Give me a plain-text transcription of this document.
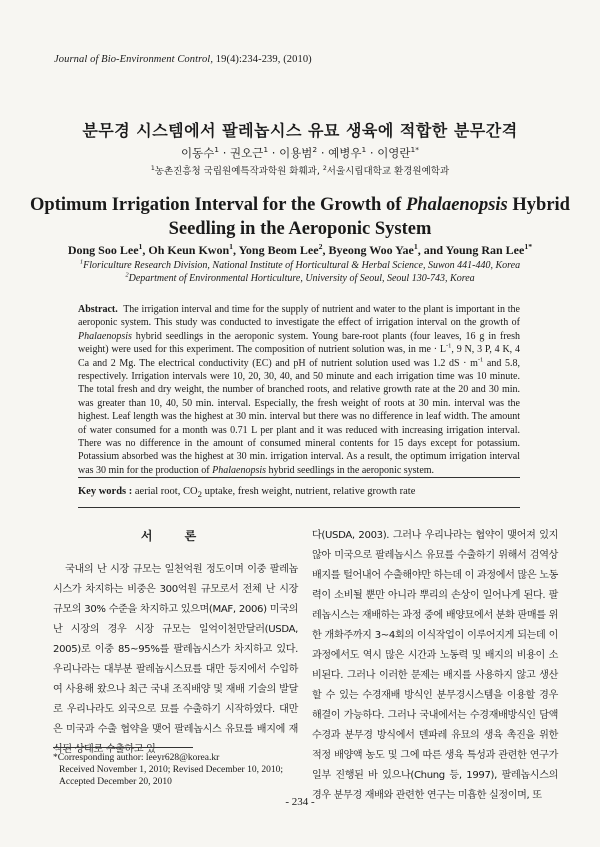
Journal of Bio-Environment Control, 19(4):234-239, (2010)
분무경 시스템에서 팔레놉시스 유묘 생육에 적합한 분무간격
이동수$^1$ · 권오근$^1$ · 이용범$^2$ · 예병우$^1$ · 이영란$^{1*}$
$^1$농촌진흥청 국립원예특작과학원 화훼과, $^2$서울시립대학교 환경원예학과
Optimum Irrigation Interval for the Growth of Phalaenopsis Hybrid Seedling in the Aeroponic System
Dong Soo Lee$^1$, Oh Keun Kwon$^1$, Yong Beom Lee$^2$, Byeong Woo Yae$^1$, and Young Ran Lee$^{1*}$
$^1$Floriculture Research Division, National Institute of Horticultural & Herbal Science, Suwon 441-440, Korea
$^2$Department of Environmental Horticulture, University of Seoul, Seoul 130-743, Korea
Abstract. The irrigation interval and time for the supply of nutrient and water to the plant is important in the aeroponic system. This study was conducted to investigate the effect of irrigation interval on the growth of Phalaenopsis hybrid seedlings in the aeroponic system. Young bare-root plants (four leaves, 16 g in fresh weight) were used for this experiment. The composition of nutrient solution was, in me · $L^{-1}$, 9 N, 3 P, 4 K, 4 Ca and 2 Mg. The electrical conductivity (EC) and pH of nutrient solution used was 1.2 dS · $m^{-1}$ and 5.8, respectively. Irrigation intervals were 10, 20, 30, 40, and 50 minute and each irrigation time was 10 minute. The total fresh and dry weight, the number of branched roots, and relative growth rate at the 20 and 30 min. was greater than 10, 40, 50 min. interval. Especially, the fresh weight of roots at 30 min. interval was the highest. Leaf length was the highest at 30 min. interval but there was no difference in leaf width. The amount of water consumed for a month was 0.71 L per plant and it was reduced with increasing irrigation interval. There was no difference in the amount of consumed mineral contents for 15 days except for potassium. Potassium absorbed was the highest at 30 min. irrigation interval. As a result, the optimum irrigation interval was 30 min for the production of Phalaenopsis hybrid seedlings in the aeroponic system.
Key words : aerial root, $CO_2$ uptake, fresh weight, nutrient, relative growth rate
서 론

국내의 난 시장 규모는 일천억원 정도이며 이중 팔레놉시스가 차지하는 비중은 300억원 규모로서 전체 난 시장규모의 30% 수준을 차지하고 있으며(MAF, 2006) 미국의 난 시장의 경우 시장 규모는 일억이천만달러(USDA, 2005)로 이중 85~95%를 팔레놉시스가 차지하고 있다. 우리나라는 대부분 팔레놉시스묘를 대만 등지에서 수입하여 사용해 왔으나 최근 국내 조직배양 및 재배 기술의 발달로 우리나라도 외국으로 묘를 수출하기 시작하였다. 대만은 미국과 수출 협약을 맺어 팔레놉시스 유묘를 배지에 재식된 상태로 수출하고 있

다(USDA, 2003). 그러나 우리나라는 협약이 맺어져 있지 않아 미국으로 팔레놉시스 유묘를 수출하기 위해서 검역상 배지를 털어내어 수출해야만 하는데 이 과정에서 많은 노동력이 소비될 뿐만 아니라 뿌리의 손상이 일어나게 된다. 팔레놉시스는 재배하는 과정 중에 배양묘에서 분화 판매를 위한 개화주까지 3~4회의 이식작업이 이루어지게 되는데 이 과정에서도 역시 많은 시간과 노동력 및 배지의 비용이 소비된다. 그러나 이러한 문제는 배지를 사용하지 않고 생산할 수 있는 수경재배 방식인 분무경시스템을 이용할 경우 해결이 가능하다. 그러나 국내에서는 수경재배방식인 담액수경과 분무경 방식에서 덴파레 유묘의 생육 촉진을 위한 적정 배양액 농도 및 그에 따른 생육 특성과 관련한 연구가 일부 진행된 바 있으나(Chung 등, 1997), 팔레놉시스의 경우 분무경 재배와 관련한 연구는 미흡한 실정이며, 또

*Corresponding author: leeyr628@korea.kr
Received November 1, 2010; Revised December 10, 2010;
Accepted December 20, 2010
- 234 -
